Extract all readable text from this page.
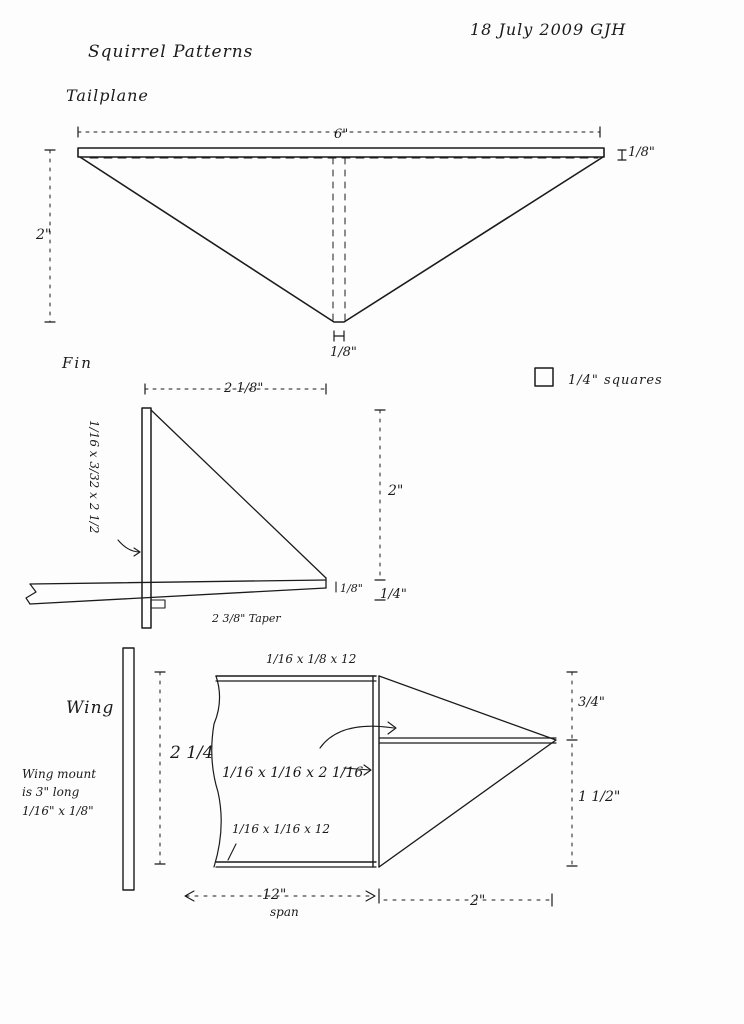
18 July 2009 GJH
Squirrel Patterns
Tailplane
6"
1/8"
2"
1/8"
1/4" squares
Fin
2 1/8"
2"
1/8" 1/4"
2 3/8" Taper
1/16 x 3/32 x 2 1/2
Wing
2 1/4
1/16 x 1/8 x 12
1/16 x 1/16 x 2 1/16
1/16 x 1/16 x 12
Wing mount
is 3" long
1/16" x 1/8"
3/4"
1 1/2"
12"
span
2"
